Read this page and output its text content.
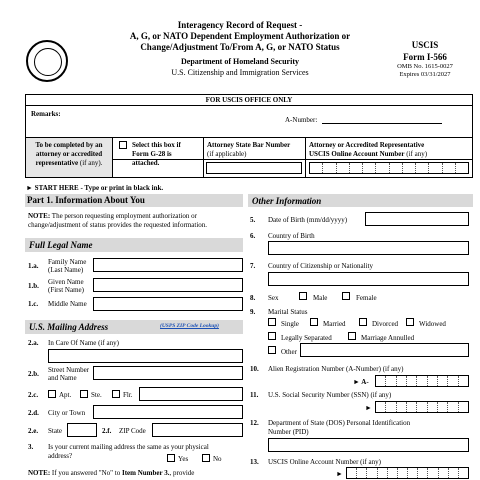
Interagency Record of Request -
A, G, or NATO Dependent Employment Authorization or
Change/Adjustment To/From A, G, or NATO Status
Department of Homeland Security
U.S. Citizenship and Immigration Services
USCIS
Form I-566
OMB No. 1615-0027
Expires 03/31/2027
FOR USCIS OFFICE ONLY
Remarks:
A-Number:
To be completed by an
attorney or accredited
representative (if any).
Select this box if
Form G-28 is
attached.
Attorney State Bar Number
(if applicable)
Attorney or Accredited Representative
USCIS Online Account Number (if any)
► START HERE - Type or print in black ink.
Part 1. Information About You
NOTE: The person requesting employment authorization or
change/adjustment of status provides the requested information.
Full Legal Name
1.a. Family Name
(Last Name)
1.b. Given Name
(First Name)
1.c. Middle Name
U.S. Mailing Address	(USPS ZIP Code Lookup)
2.a. In Care Of Name (if any)
2.b. Street Number
and Name
2.c.	Apt.	Ste.	Flr.
2.d. City or Town
2.e. State	2.f. ZIP Code
3. Is your current mailing address the same as your physical
address?	Yes	No
NOTE: If you answered "No" to Item Number 3., provide
Other Information
5. Date of Birth (mm/dd/yyyy)
6. Country of Birth
7. Country of Citizenship or Nationality
8. Sex	Male	Female
9. Marital Status
Single	Married	Divorced	Widowed
Legally Separated	Marriage Annulled
Other
10. Alien Registration Number (A-Number) (if any)
► A-
11. U.S. Social Security Number (SSN) (if any)
►
12. Department of State (DOS) Personal Identification
Number (PID)
13. USCIS Online Account Number (if any)
►
